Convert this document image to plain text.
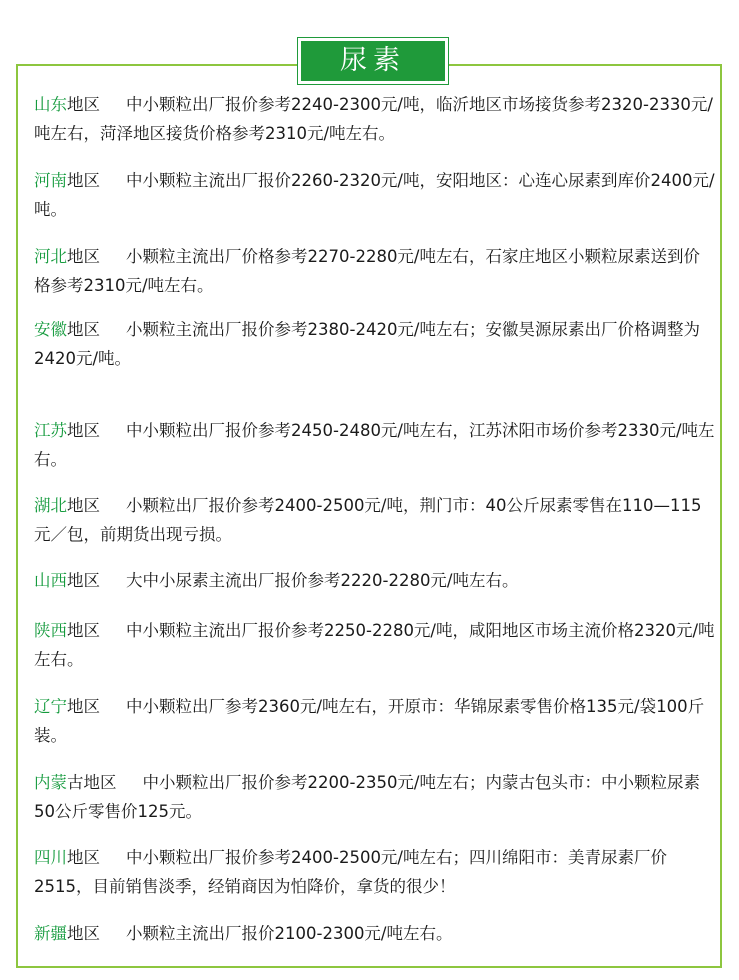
尿素
山东地区 中小颗粒出厂报价参考2240-2300元/吨，临沂地区市场接货参考2320-2330元/吨左右，菏泽地区接货价格参考2310元/吨左右。
河南地区 中小颗粒主流出厂报价2260-2320元/吨，安阳地区：心连心尿素到库价2400元/吨。
河北地区 小颗粒主流出厂价格参考2270-2280元/吨左右，石家庄地区小颗粒尿素送到价格参考2310元/吨左右。
安徽地区 小颗粒主流出厂报价参考2380-2420元/吨左右；安徽昊源尿素出厂价格调整为2420元/吨。
江苏地区 中小颗粒出厂报价参考2450-2480元/吨左右，江苏沭阳市场价参考2330元/吨左右。
湖北地区 小颗粒出厂报价参考2400-2500元/吨，荆门市：40公斤尿素零售在110—115元／包，前期货出现亏损。
山西地区 大中小尿素主流出厂报价参考2220-2280元/吨左右。
陕西地区 中小颗粒主流出厂报价参考2250-2280元/吨，咸阳地区市场主流价格2320元/吨左右。
辽宁地区 中小颗粒出厂参考2360元/吨左右，开原市：华锦尿素零售价格135元/袋100斤装。
内蒙古地区 中小颗粒出厂报价参考2200-2350元/吨左右；内蒙古包头市：中小颗粒尿素50公斤零售价125元。
四川地区 中小颗粒出厂报价参考2400-2500元/吨左右；四川绵阳市：美青尿素厂价2515，目前销售淡季，经销商因为怕降价，拿货的很少！
新疆地区 小颗粒主流出厂报价2100-2300元/吨左右。
